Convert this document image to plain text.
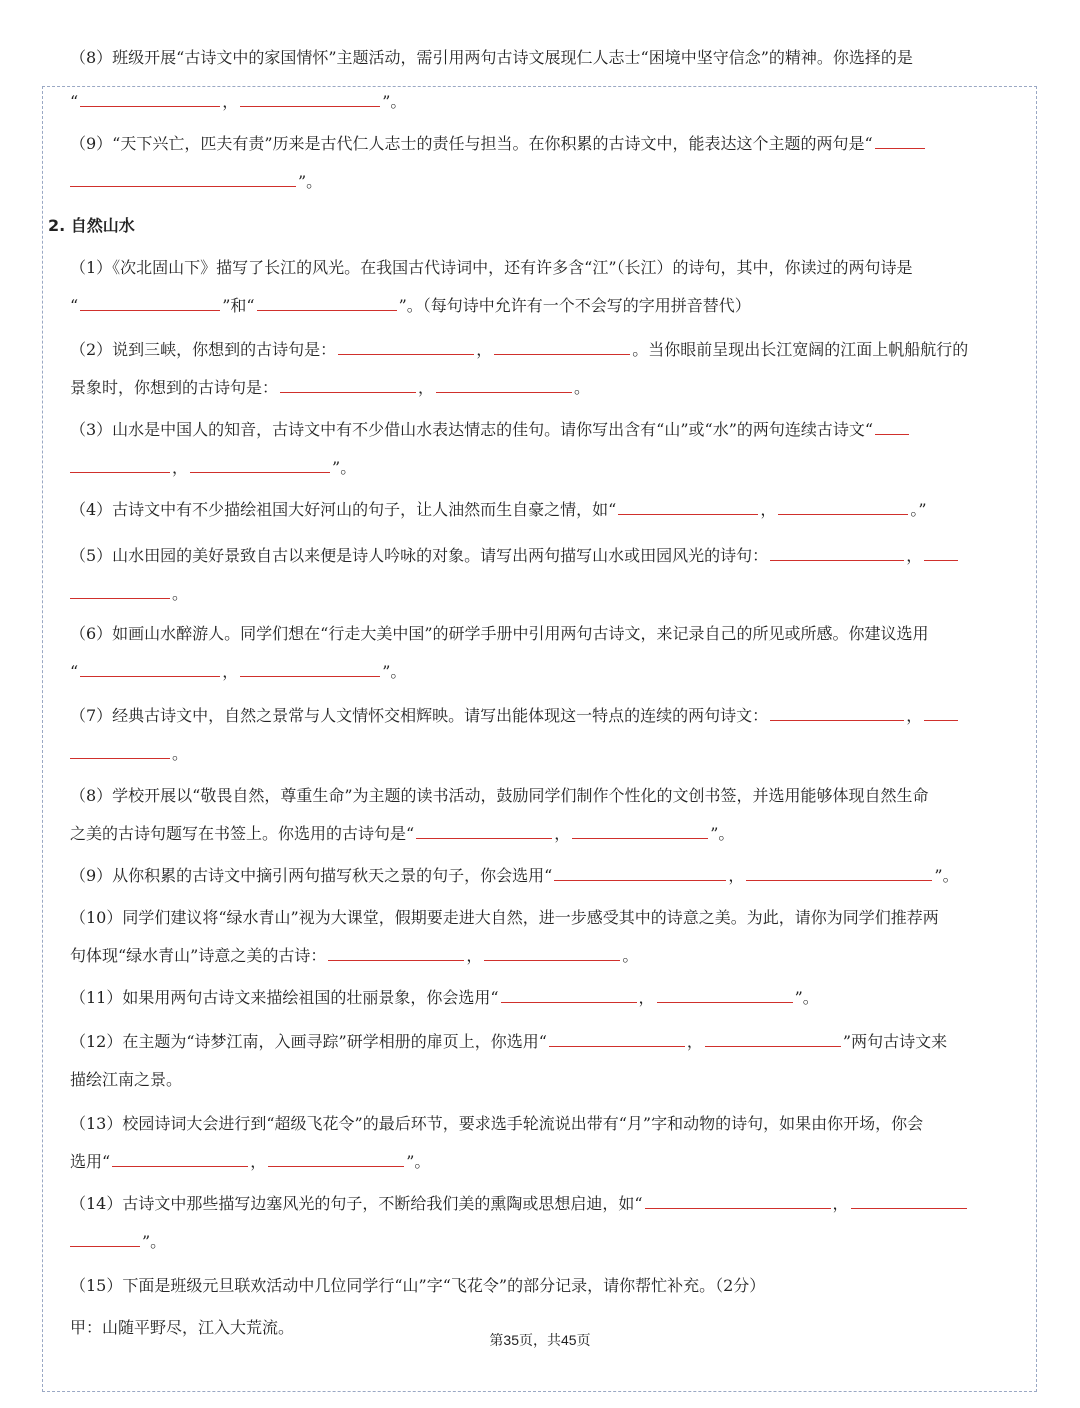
（8）班级开展“古诗文中的家国情怀”主题活动，需引用两句古诗文展现仁人志士“困境中坚守信念”的精神。你选择的是
“	，	”。
（9）“天下兴亡，匹夫有责”历来是古代仁人志士的责任与担当。在你积累的古诗文中，能表达这个主题的两句是“
”。
2. 自然山水
（1）《次北固山下》描写了长江的风光。在我国古代诗词中，还有许多含“江”（长江）的诗句，其中，你读过的两句诗是
“	”和“	”。（每句诗中允许有一个不会写的字用拼音替代）
（2）说到三峡，你想到的古诗句是：	，	。当你眼前呈现出长江宽阔的江面上帆船航行的
景象时，你想到的古诗句是：	，	。
（3）山水是中国人的知音，古诗文中有不少借山水表达情志的佳句。请你写出含有“山”或“水”的两句连续古诗文“
，	”。
（4）古诗文中有不少描绘祖国大好河山的句子，让人油然而生自豪之情，如“	，	。”
（5）山水田园的美好景致自古以来便是诗人吟咏的对象。请写出两句描写山水或田园风光的诗句：	，
。
（6）如画山水醉游人。同学们想在“行走大美中国”的研学手册中引用两句古诗文，来记录自己的所见或所感。你建议选用
“	，	”。
（7）经典古诗文中，自然之景常与人文情怀交相辉映。请写出能体现这一特点的连续的两句诗文：	，
。
（8）学校开展以“敬畏自然，尊重生命”为主题的读书活动，鼓励同学们制作个性化的文创书签，并选用能够体现自然生命
之美的古诗句题写在书签上。你选用的古诗句是“	，	”。
（9）从你积累的古诗文中摘引两句描写秋天之景的句子，你会选用“	，	”。
（10）同学们建议将“绿水青山”视为大课堂，假期要走进大自然，进一步感受其中的诗意之美。为此，请你为同学们推荐两
句体现“绿水青山”诗意之美的古诗：	，	。
（11）如果用两句古诗文来描绘祖国的壮丽景象，你会选用“	，	”。
（12）在主题为“诗梦江南，入画寻踪”研学相册的扉页上，你选用“	，	”两句古诗文来
描绘江南之景。
（13）校园诗词大会进行到“超级飞花令”的最后环节，要求选手轮流说出带有“月”字和动物的诗句，如果由你开场，你会
选用“	，	”。
（14）古诗文中那些描写边塞风光的句子，不断给我们美的熏陶或思想启迪，如“	，
”。
（15）下面是班级元旦联欢活动中几位同学行“山”字“飞花令”的部分记录，请你帮忙补充。（2分）
甲：山随平野尽，江入大荒流。
第35页，共45页
